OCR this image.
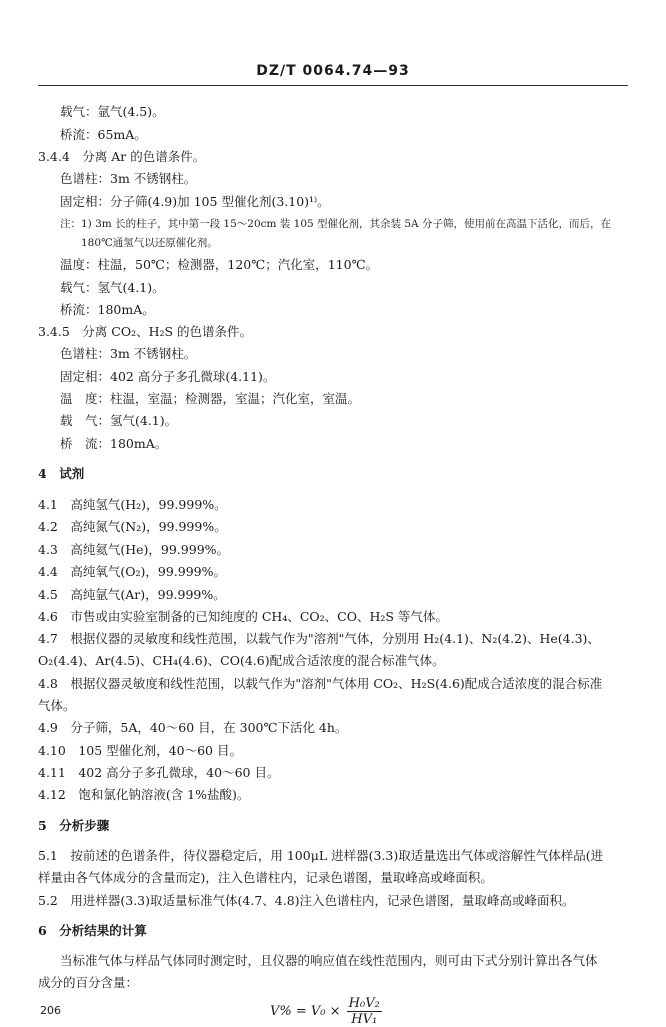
DZ/T 0064.74—93
载气：氩气(4.5)。
桥流：65mA。
3.4.4　分离 Ar 的色谱条件。
色谱柱：3m 不锈钢柱。
固定相：分子筛(4.9)加 105 型催化剂(3.10)¹⁾。
注：1) 3m 长的柱子，其中第一段 15～20cm 装 105 型催化剂，其余装 5A 分子筛，使用前在高温下活化，而后，在
180℃通氢气以还原催化剂。
温度：柱温，50℃；检测器，120℃；汽化室，110℃。
载气：氢气(4.1)。
桥流：180mA。
3.4.5　分离 CO₂、H₂S 的色谱条件。
色谱柱：3m 不锈钢柱。
固定相：402 高分子多孔微球(4.11)。
温　度：柱温，室温；检测器，室温；汽化室，室温。
载　气：氢气(4.1)。
桥　流：180mA。
4　试剂
4.1　高纯氢气(H₂)，99.999%。
4.2　高纯氮气(N₂)，99.999%。
4.3　高纯氦气(He)，99.999%。
4.4　高纯氧气(O₂)，99.999%。
4.5　高纯氩气(Ar)，99.999%。
4.6　市售或由实验室制备的已知纯度的 CH₄、CO₂、CO、H₂S 等气体。
4.7　根据仪器的灵敏度和线性范围，以载气作为"溶剂"气体，分别用 H₂(4.1)、N₂(4.2)、He(4.3)、
O₂(4.4)、Ar(4.5)、CH₄(4.6)、CO(4.6)配成合适浓度的混合标准气体。
4.8　根据仪器灵敏度和线性范围，以载气作为"溶剂"气体用 CO₂、H₂S(4.6)配成合适浓度的混合标准
气体。
4.9　分子筛，5A，40～60 目，在 300℃下活化 4h。
4.10　105 型催化剂，40～60 目。
4.11　402 高分子多孔微球，40～60 目。
4.12　饱和氯化钠溶液(含 1%盐酸)。
5　分析步骤
5.1　按前述的色谱条件，待仪器稳定后，用 100μL 进样器(3.3)取适量选出气体或溶解性气体样品(进
样量由各气体成分的含量而定)，注入色谱柱内，记录色谱图，量取峰高或峰面积。
5.2　用进样器(3.3)取适量标准气体(4.7、4.8)注入色谱柱内，记录色谱图，量取峰高或峰面积。
6　分析结果的计算
当标准气体与样品气体同时测定时，且仪器的响应值在线性范围内，则可由下式分别计算出各气体
成分的百分含量：
$V\% = V_0 \times \frac{\text{H₀V₂}}{\text{HV₁}}$
206
